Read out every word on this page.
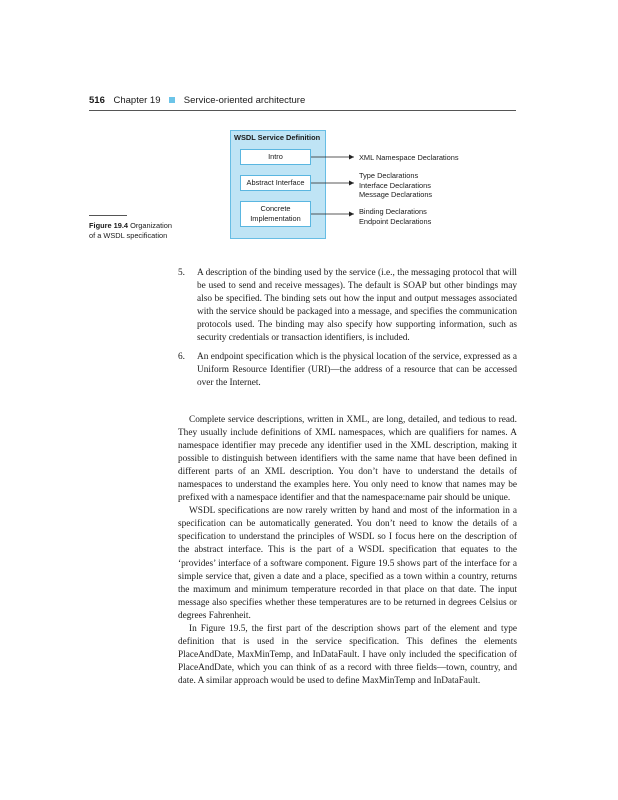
516 Chapter 19 Service-oriented architecture
WSDL Service Definition
Intro
Abstract Interface
Concrete
Implementation
XML Namespace Declarations
Type Declarations
Interface Declarations
Message Declarations
Binding Declarations
Endpoint Declarations
Figure 19.4 Organization
of a WSDL specification
5. A description of the binding used by the service (i.e., the messaging protocol that will be used to send and receive messages). The default is SOAP but other bindings may also be specified. The binding sets out how the input and output messages associated with the service should be packaged into a message, and specifies the communication protocols used. The binding may also specify how supporting information, such as security credentials or transaction identifiers, is included.
6. An endpoint specification which is the physical location of the service, expressed as a Uniform Resource Identifier (URI)—the address of a resource that can be accessed over the Internet.

Complete service descriptions, written in XML, are long, detailed, and tedious to read. They usually include definitions of XML namespaces, which are qualifiers for names. A namespace identifier may precede any identifier used in the XML description, making it possible to distinguish between identifiers with the same name that have been defined in different parts of an XML description. You don’t have to understand the details of namespaces to understand the examples here. You only need to know that names may be prefixed with a namespace identifier and that the namespace:name pair should be unique.

WSDL specifications are now rarely written by hand and most of the information in a specification can be automatically generated. You don’t need to know the details of a specification to understand the principles of WSDL so I focus here on the description of the abstract interface. This is the part of a WSDL specification that equates to the ‘provides’ interface of a software component. Figure 19.5 shows part of the interface for a simple service that, given a date and a place, specified as a town within a country, returns the maximum and minimum temperature recorded in that place on that date. The input message also specifies whether these temperatures are to be returned in degrees Celsius or degrees Fahrenheit.

In Figure 19.5, the first part of the description shows part of the element and type definition that is used in the service specification. This defines the elements PlaceAndDate, MaxMinTemp, and InDataFault. I have only included the specification of PlaceAndDate, which you can think of as a record with three fields—town, country, and date. A similar approach would be used to define MaxMinTemp and InDataFault.
